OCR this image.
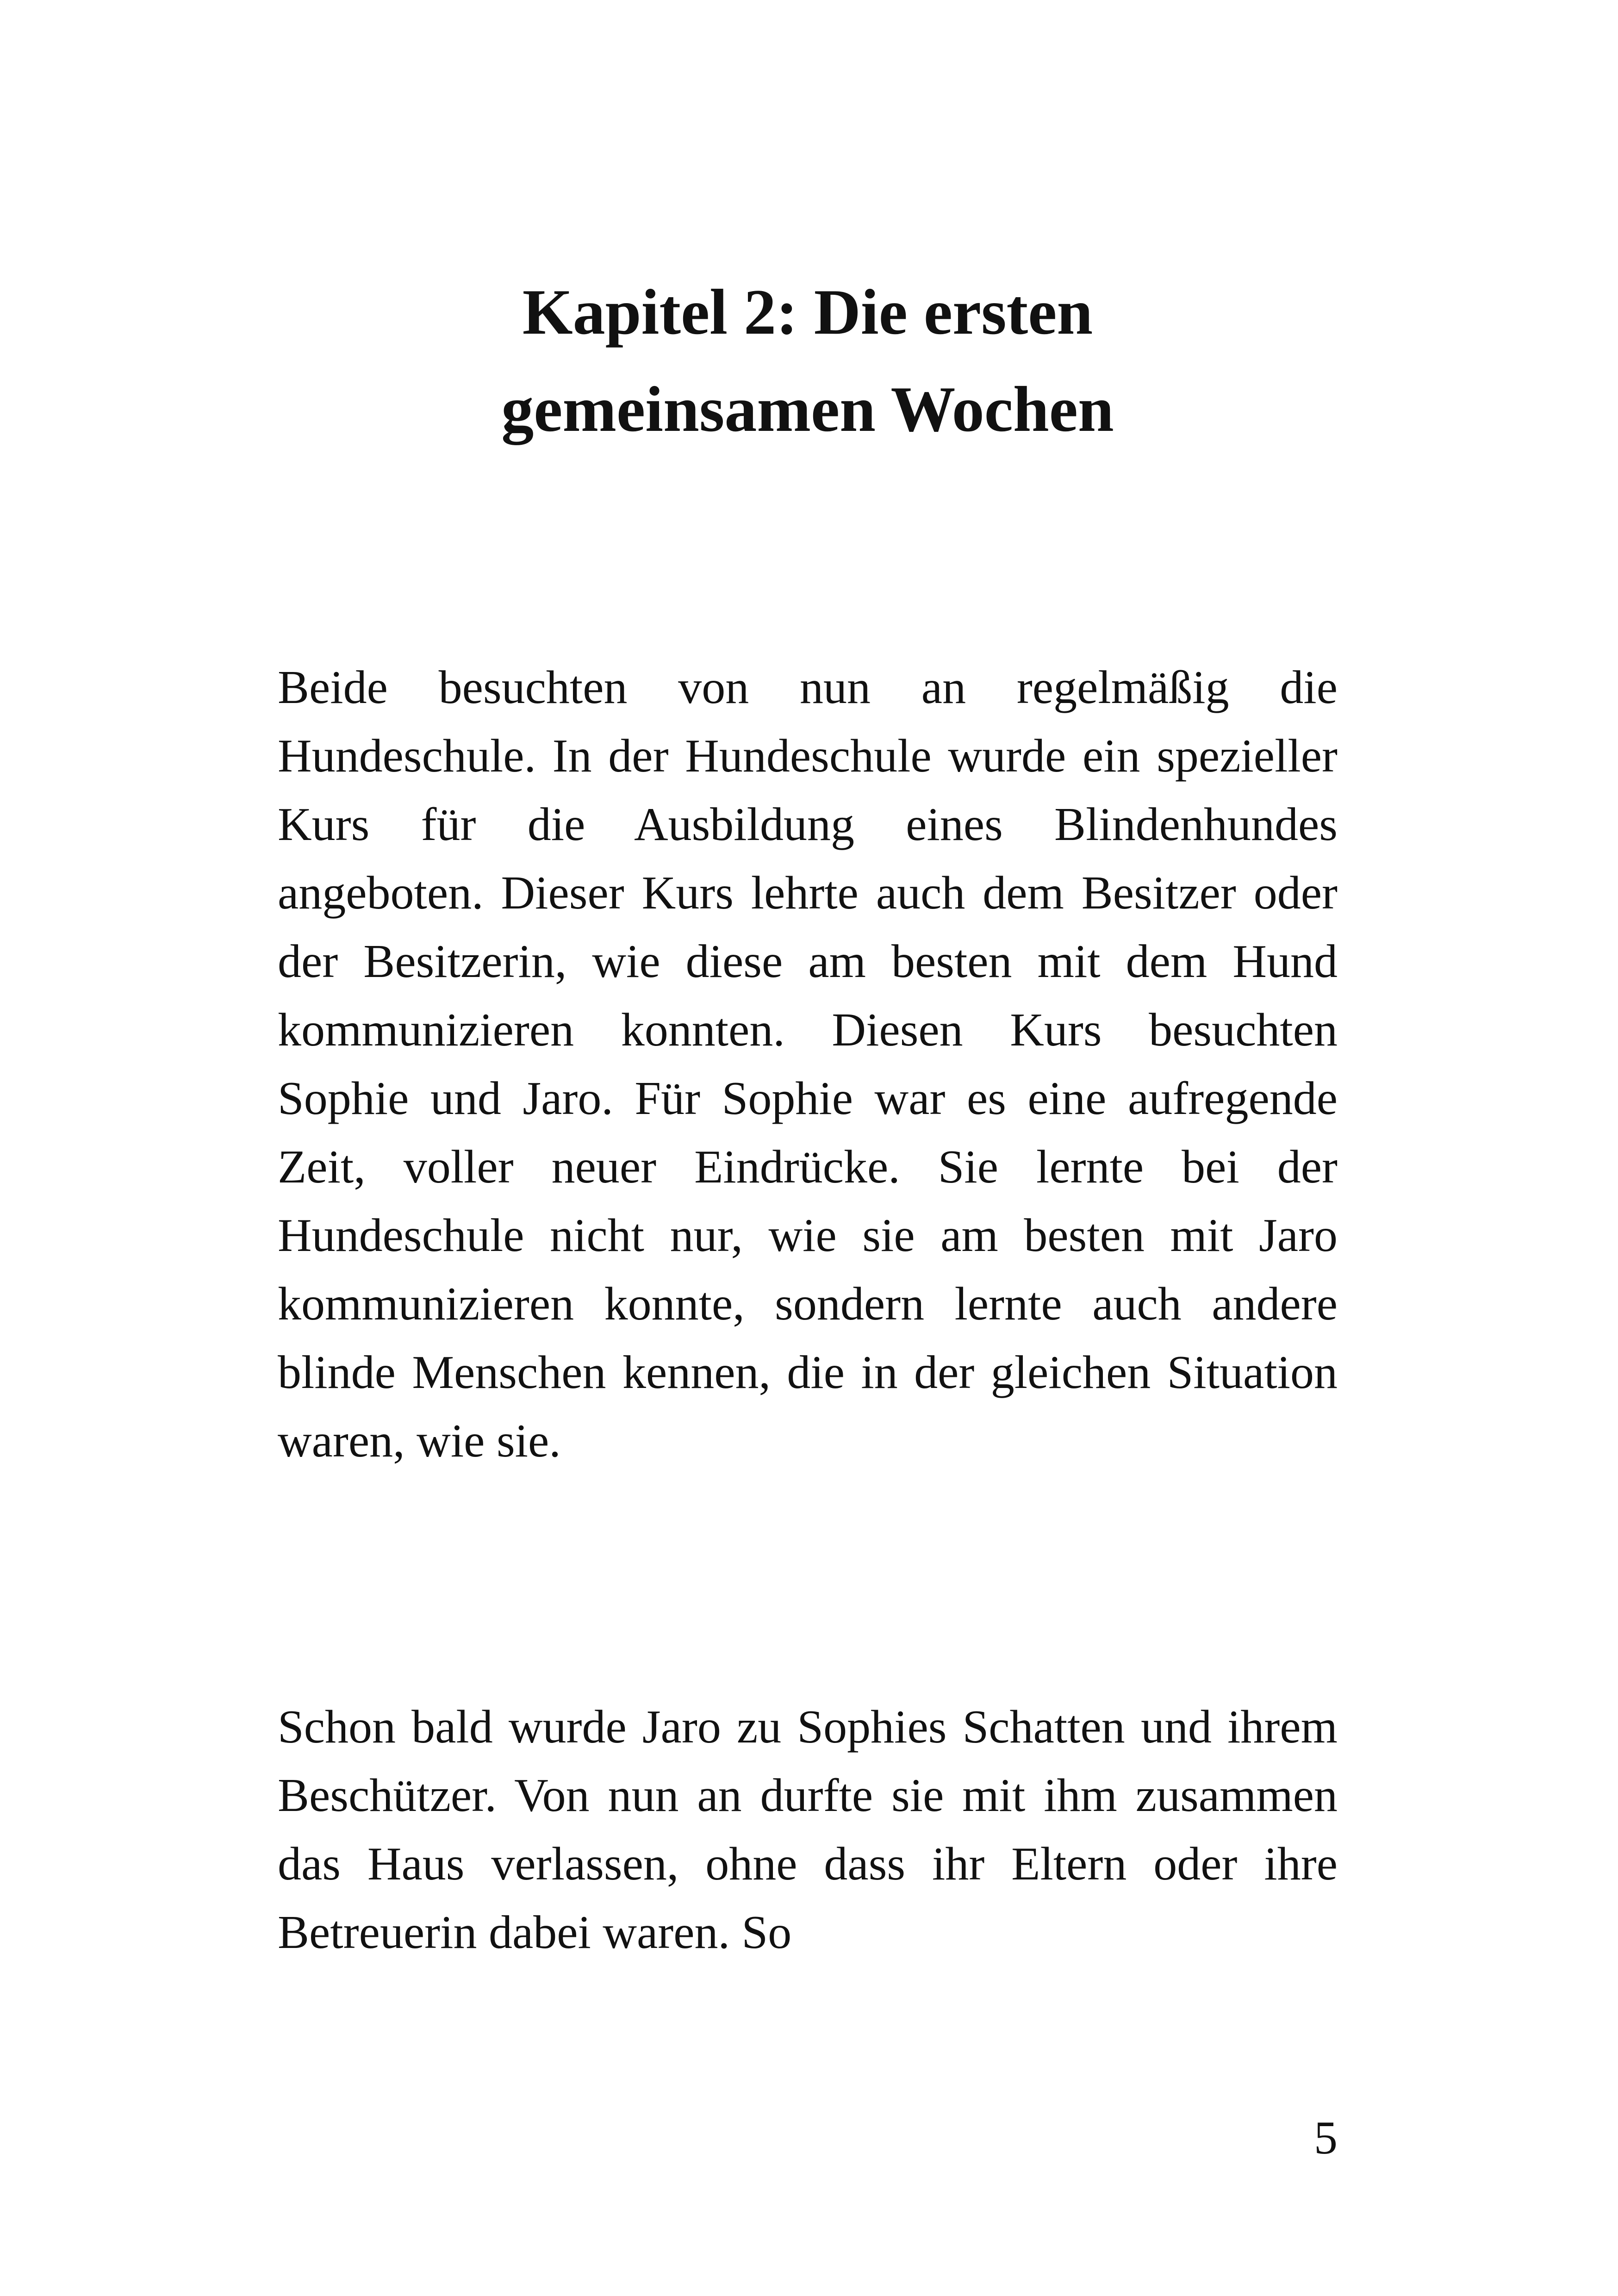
Kapitel 2: Die ersten
gemeinsamen Wochen

Beide besuchten von nun an regelmäßig die Hundeschule. In der Hundeschule wurde ein spezieller Kurs für die Ausbildung eines Blindenhundes angeboten. Dieser Kurs lehrte auch dem Besitzer oder der Besitzerin, wie diese am besten mit dem Hund kommunizieren konnten. Diesen Kurs besuchten Sophie und Jaro. Für Sophie war es eine aufregende Zeit, voller neuer Eindrücke. Sie lernte bei der Hundeschule nicht nur, wie sie am besten mit Jaro kommunizieren konnte, sondern lernte auch andere blinde Menschen kennen, die in der gleichen Situation waren, wie sie.

Schon bald wurde Jaro zu Sophies Schatten und ihrem Beschützer. Von nun an durfte sie mit ihm zusammen das Haus verlassen, ohne dass ihr Eltern oder ihre Betreuerin dabei waren. So

5
